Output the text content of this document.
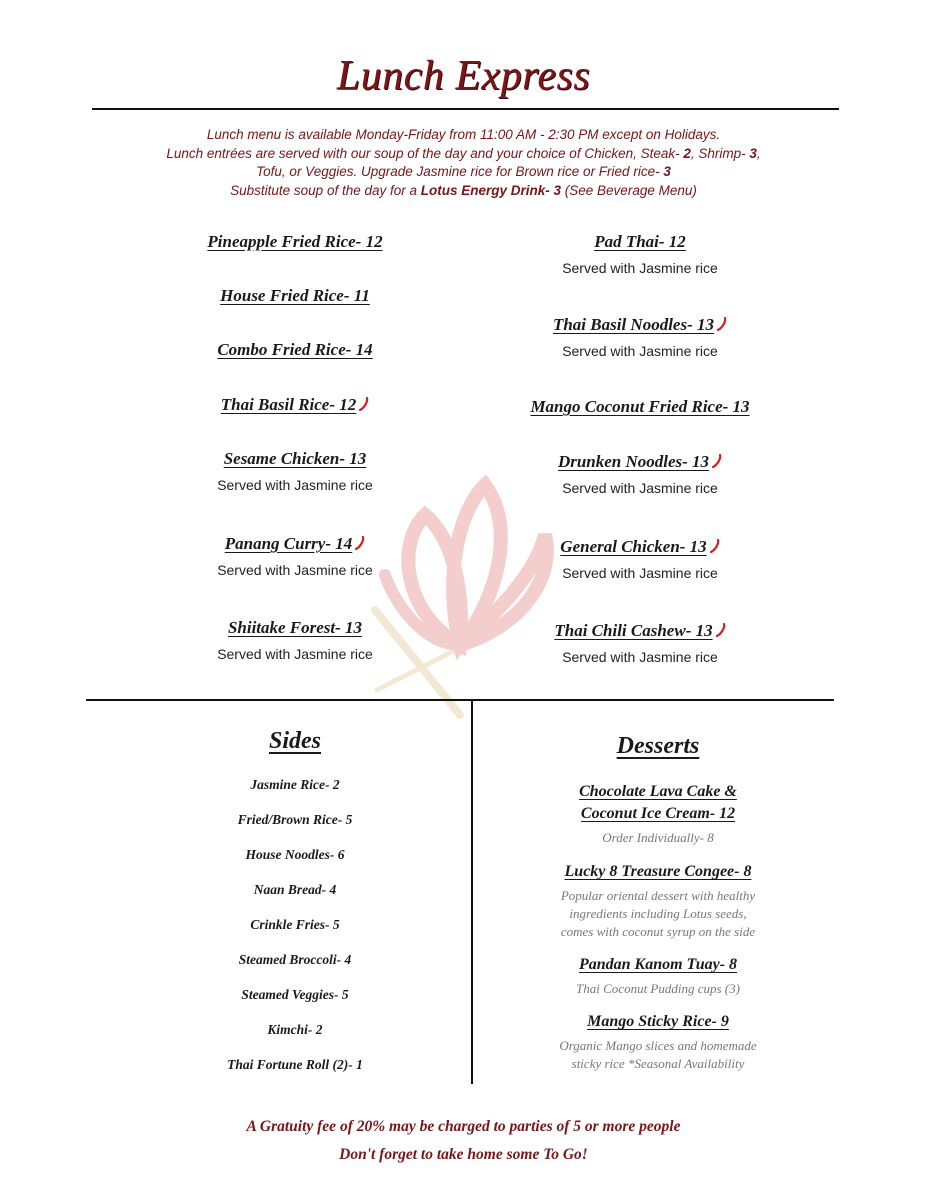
Lunch Express
Lunch menu is available Monday-Friday from 11:00 AM - 2:30 PM except on Holidays.
Lunch entrées are served with our soup of the day and your choice of Chicken, Steak- 2, Shrimp- 3,
Tofu, or Veggies. Upgrade Jasmine rice for Brown rice or Fried rice- 3
Substitute soup of the day for a Lotus Energy Drink- 3 (See Beverage Menu)
Pineapple Fried Rice- 12
House Fried Rice- 11
Combo Fried Rice- 14
Thai Basil Rice- 12
Sesame Chicken- 13
Served with Jasmine rice
Panang Curry- 14
Served with Jasmine rice
Shiitake Forest- 13
Served with Jasmine rice
Pad Thai- 12
Served with Jasmine rice
Thai Basil Noodles- 13
Served with Jasmine rice
Mango Coconut Fried Rice- 13
Drunken Noodles- 13
Served with Jasmine rice
General Chicken- 13
Served with Jasmine rice
Thai Chili Cashew- 13
Served with Jasmine rice
Sides
Jasmine Rice- 2
Fried/Brown Rice- 5
House Noodles- 6
Naan Bread- 4
Crinkle Fries- 5
Steamed Broccoli- 4
Steamed Veggies- 5
Kimchi- 2
Thai Fortune Roll (2)- 1
Desserts
Chocolate Lava Cake &
Coconut Ice Cream- 12
Order Individually- 8
Lucky 8 Treasure Congee- 8
Popular oriental dessert with healthy
ingredients including Lotus seeds,
comes with coconut syrup on the side
Pandan Kanom Tuay- 8
Thai Coconut Pudding cups (3)
Mango Sticky Rice- 9
Organic Mango slices and homemade
sticky rice *Seasonal Availability
A Gratuity fee of 20% may be charged to parties of 5 or more people
Don't forget to take home some To Go!
